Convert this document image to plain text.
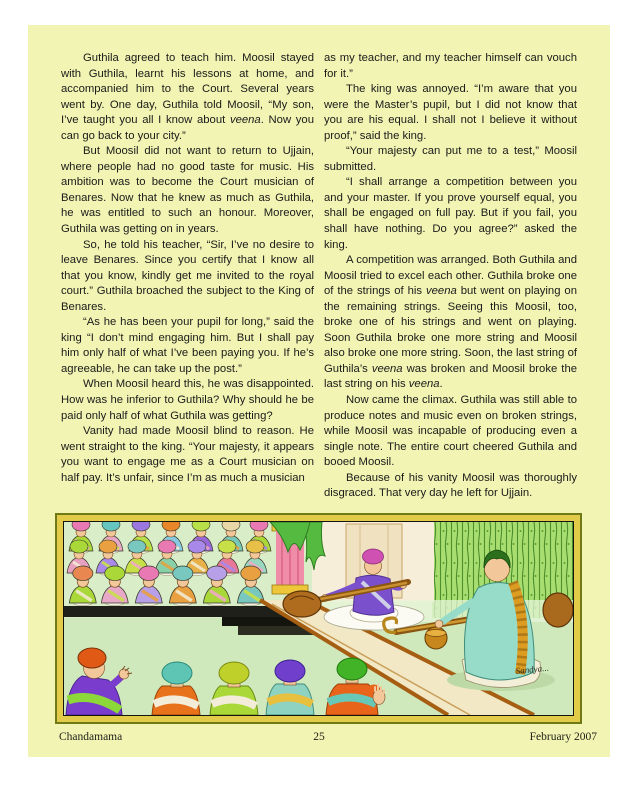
Guthila agreed to teach him. Moosil stayed with Guthila, learnt his lessons at home, and accompanied him to the Court. Several years went by. One day, Guthila told Moosil, “My son, I’ve taught you all I know about veena. Now you can go back to your city.”

But Moosil did not want to return to Ujjain, where people had no good taste for music. His ambition was to become the Court musician of Benares. Now that he knew as much as Guthila, he was entitled to such an honour. Moreover, Guthila was getting on in years.

So, he told his teacher, “Sir, I’ve no desire to leave Benares. Since you certify that I know all that you know, kindly get me invited to the royal court.” Guthila broached the subject to the King of Benares.

“As he has been your pupil for long,” said the king “I don’t mind engaging him. But I shall pay him only half of what I’ve been paying you. If he’s agreeable, he can take up the post.”

When Moosil heard this, he was disappointed. How was he inferior to Guthila? Why should he be paid only half of what Guthila was getting?

Vanity had made Moosil blind to reason. He went straight to the king. “Your majesty, it appears you want to engage me as a Court musician on half pay. It’s unfair, since I’m as much a musician

as my teacher, and my teacher himself can vouch for it.”

The king was annoyed. “I’m aware that you were the Master’s pupil, but I did not know that you are his equal. I shall not I believe it without proof,” said the king.

“Your majesty can put me to a test,” Moosil submitted.

“I shall arrange a competition between you and your master. If you prove yourself equal, you shall be engaged on full pay. But if you fail, you shall have nothing. Do you agree?” asked the king.

A competition was arranged. Both Guthila and Moosil tried to excel each other. Guthila broke one of the strings of his veena but went on playing on the remaining strings. Seeing this Moosil, too, broke one of his strings and went on playing. Soon Guthila broke one more string and Moosil also broke one more string. Soon, the last string of Guthila’s veena was broken and Moosil broke the last string on his veena.

Now came the climax. Guthila was still able to produce notes and music even on broken strings, while Moosil was incapable of producing even a single note. The entire court cheered Guthila and booed Moosil.

Because of his vanity Moosil was thoroughly disgraced. That very day he left for Ujjain.

Sandya...
Chandamama	25	February 2007
